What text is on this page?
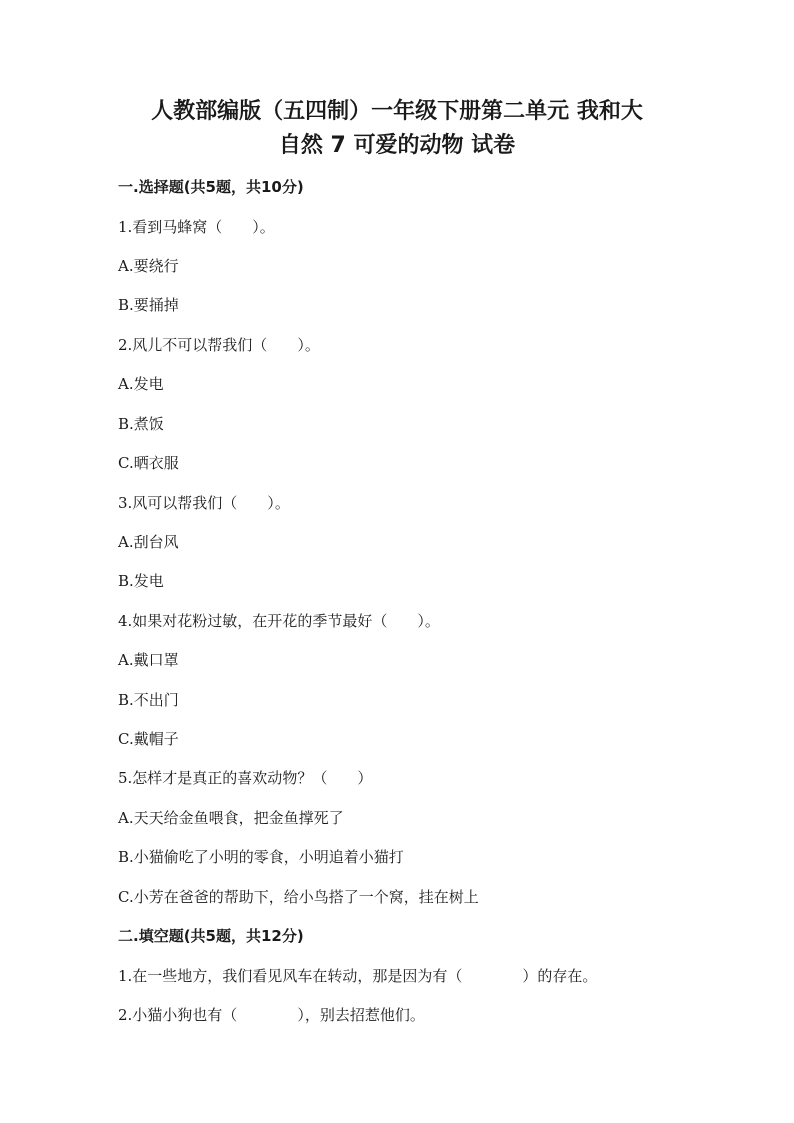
人教部编版（五四制）一年级下册第二单元 我和大
自然 7 可爱的动物 试卷

一.选择题(共5题，共10分)

1.看到马蜂窝（　　）。

A.要绕行

B.要捅掉

2.风儿不可以帮我们（　　）。

A.发电

B.煮饭

C.晒衣服

3.风可以帮我们（　　）。

A.刮台风

B.发电

4.如果对花粉过敏，在开花的季节最好（　　）。

A.戴口罩

B.不出门

C.戴帽子

5.怎样才是真正的喜欢动物？（　　）

A.天天给金鱼喂食，把金鱼撑死了

B.小猫偷吃了小明的零食，小明追着小猫打

C.小芳在爸爸的帮助下，给小鸟搭了一个窝，挂在树上

二.填空题(共5题，共12分)

1.在一些地方，我们看见风车在转动，那是因为有（　　　　）的存在。

2.小猫小狗也有（　　　　），别去招惹他们。
